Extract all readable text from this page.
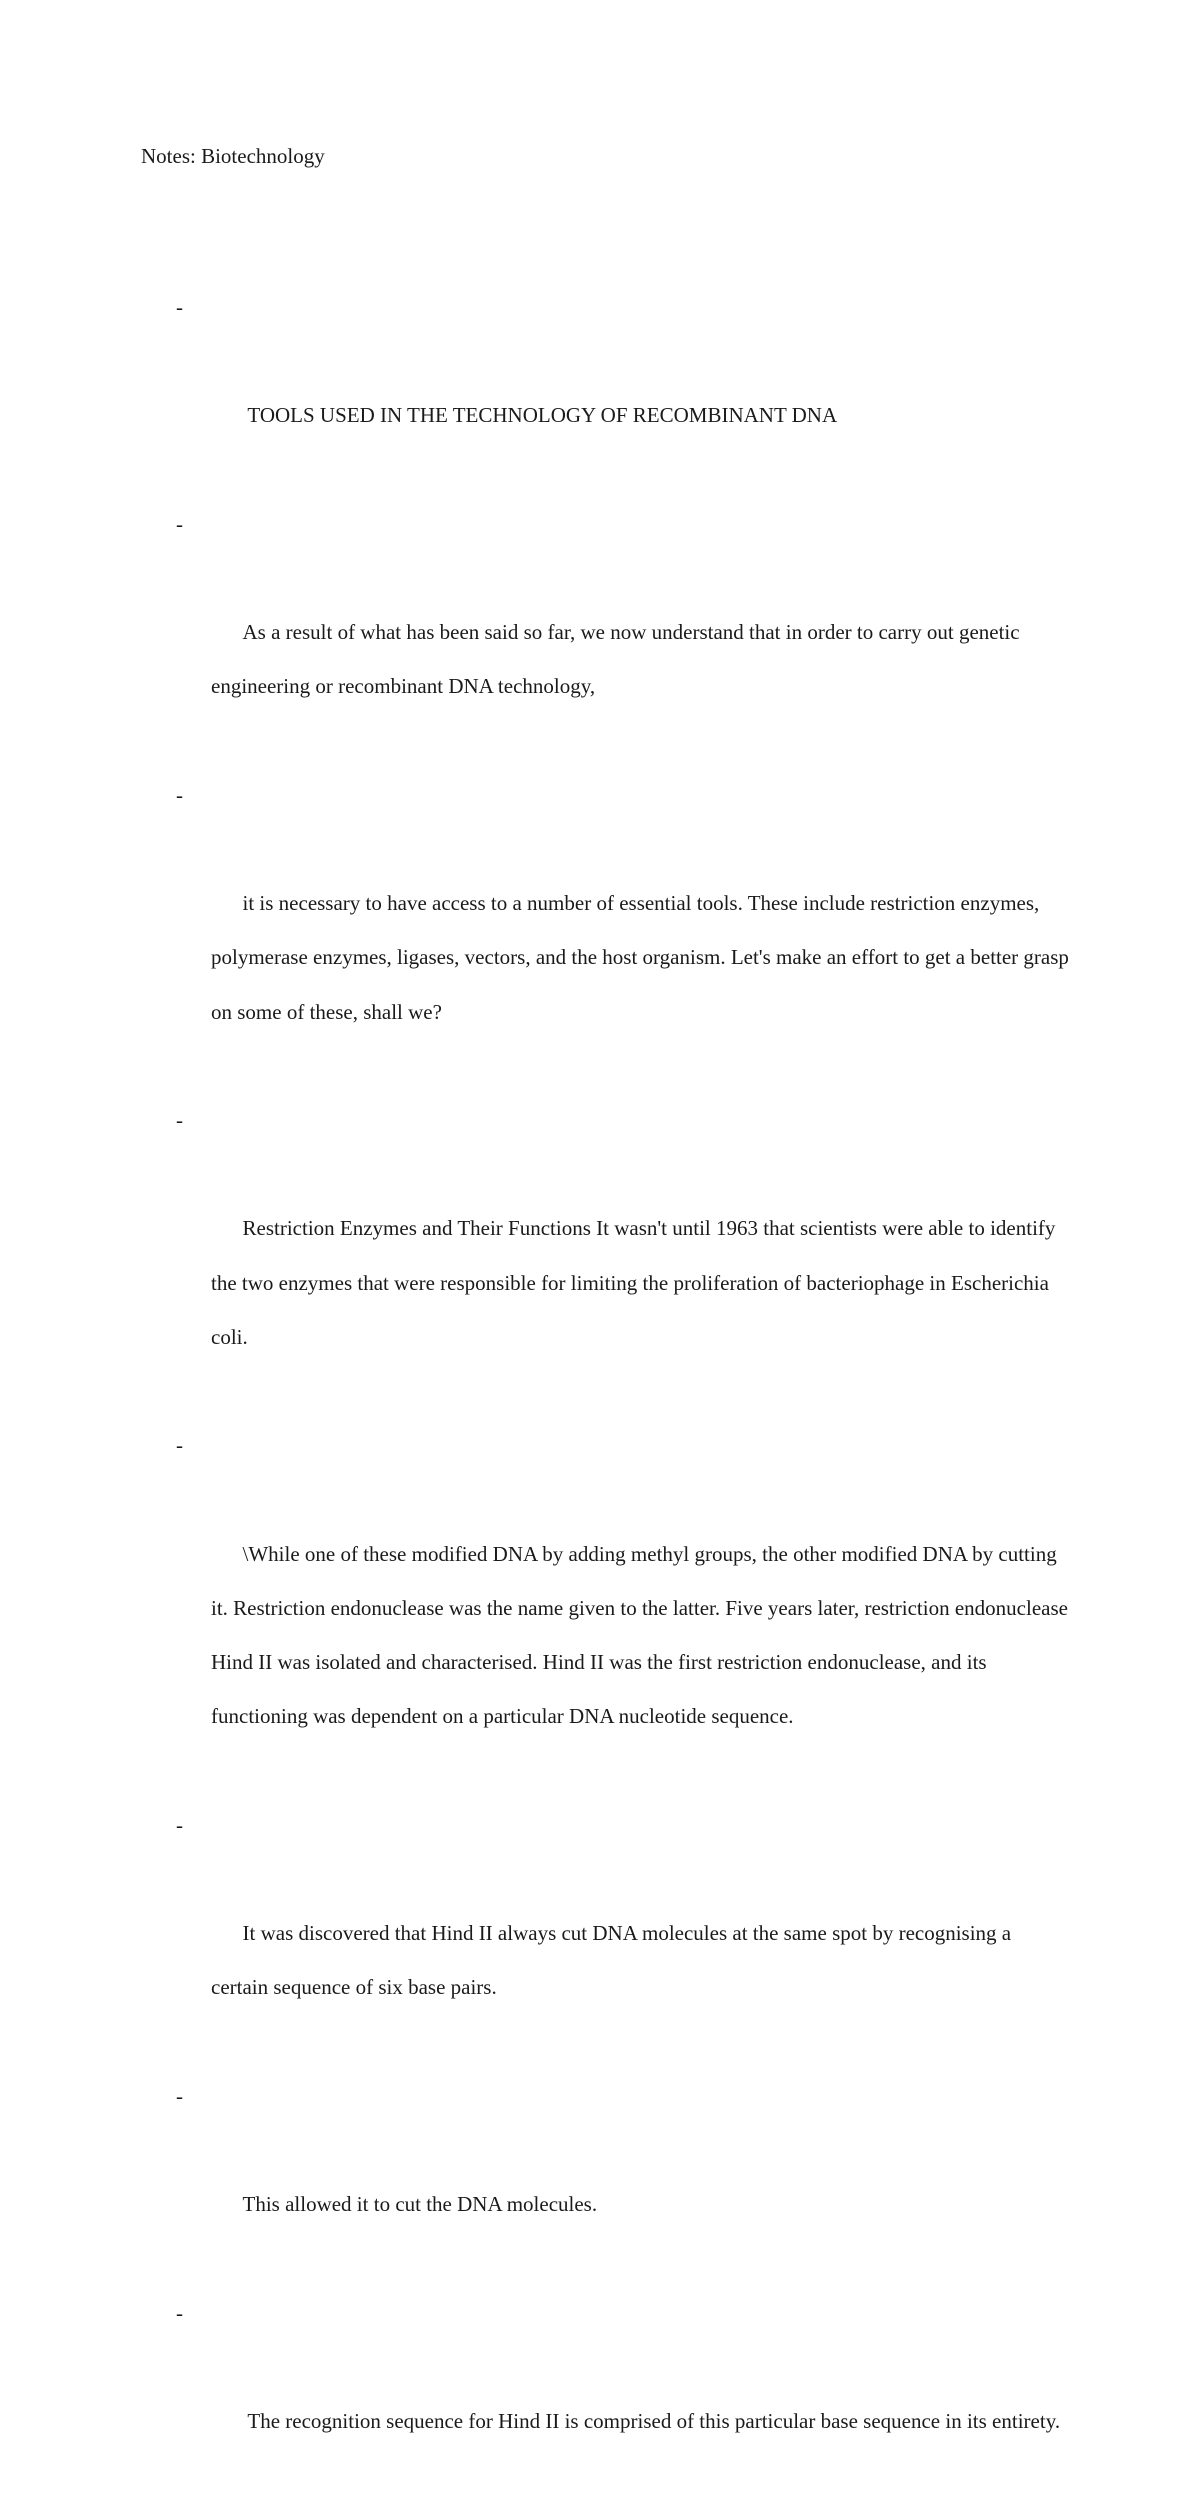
Notes: Biotechnology

-

TOOLS USED IN THE TECHNOLOGY OF RECOMBINANT DNA

-

As a result of what has been said so far, we now understand that in order to carry out genetic engineering or recombinant DNA technology,

-

it is necessary to have access to a number of essential tools. These include restriction enzymes, polymerase enzymes, ligases, vectors, and the host organism. Let's make an effort to get a better grasp on some of these, shall we?

-

Restriction Enzymes and Their Functions It wasn't until 1963 that scientists were able to identify the two enzymes that were responsible for limiting the proliferation of bacteriophage in Escherichia coli.

-

\While one of these modified DNA by adding methyl groups, the other modified DNA by cutting it. Restriction endonuclease was the name given to the latter. Five years later, restriction endonuclease Hind II was isolated and characterised. Hind II was the first restriction endonuclease, and its functioning was dependent on a particular DNA nucleotide sequence.

-

It was discovered that Hind II always cut DNA molecules at the same spot by recognising a certain sequence of six base pairs.

-

This allowed it to cut the DNA molecules.

-

The recognition sequence for Hind II is comprised of this particular base sequence in its entirety.
